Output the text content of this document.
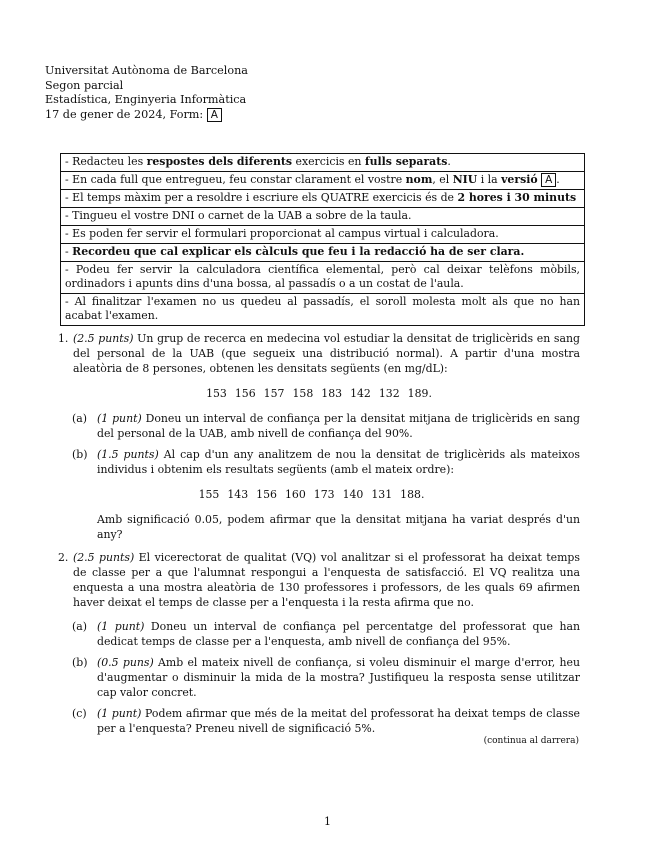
Universitat Autònoma de Barcelona
Segon parcial
Estadística, Enginyeria Informàtica
17 de gener de 2024, Form: A
- Redacteu les respostes dels diferents exercicis en fulls separats.
- En cada full que entregueu, feu constar clarament el vostre nom, el NIU i la versió A .
- El temps màxim per a resoldre i escriure els QUATRE exercicis és de 2 hores i 30 minuts
- Tingueu el vostre DNI o carnet de la UAB a sobre de la taula.
- Es poden fer servir el formulari proporcionat al campus virtual i calculadora.
- Recordeu que cal explicar els càlculs que feu i la redacció ha de ser clara.
- Podeu fer servir la calculadora científica elemental, però cal deixar telèfons mòbils, ordinadors i apunts dins d'una bossa, al passadís o a un costat de l'aula.
- Al finalitzar l'examen no us quedeu al passadís, el soroll molesta molt als que no han acabat l'examen.
1. (2.5 punts) Un grup de recerca en medecina vol estudiar la densitat de triglicèrids en sang del personal de la UAB (que segueix una distribució normal). A partir d'una mostra aleatòria de 8 persones, obtenen les densitats següents (en mg/dL):
153 156 157 158 183 142 132 189.
(a) (1 punt) Doneu un interval de confiança per la densitat mitjana de triglicèrids en sang del personal de la UAB, amb nivell de confiança del 90%.
(b) (1.5 punts) Al cap d'un any analitzem de nou la densitat de triglicèrids als mateixos individus i obtenim els resultats següents (amb el mateix ordre):
155 143 156 160 173 140 131 188.
Amb significació 0.05, podem afirmar que la densitat mitjana ha variat després d'un any?
2. (2.5 punts) El vicerectorat de qualitat (VQ) vol analitzar si el professorat ha deixat temps de classe per a que l'alumnat respongui a l'enquesta de satisfacció. El VQ realitza una enquesta a una mostra aleatòria de 130 professores i professors, de les quals 69 afirmen haver deixat el temps de classe per a l'enquesta i la resta afirma que no.
(a) (1 punt) Doneu un interval de confiança pel percentatge del professorat que han dedicat temps de classe per a l'enquesta, amb nivell de confiança del 95%.
(b) (0.5 puns) Amb el mateix nivell de confiança, si voleu disminuir el marge d'error, heu d'augmentar o disminuir la mida de la mostra? Justifiqueu la resposta sense utilitzar cap valor concret.
(c) (1 punt) Podem afirmar que més de la meitat del professorat ha deixat temps de classe per a l'enquesta? Preneu nivell de significació 5%.
(continua al darrera)
1
